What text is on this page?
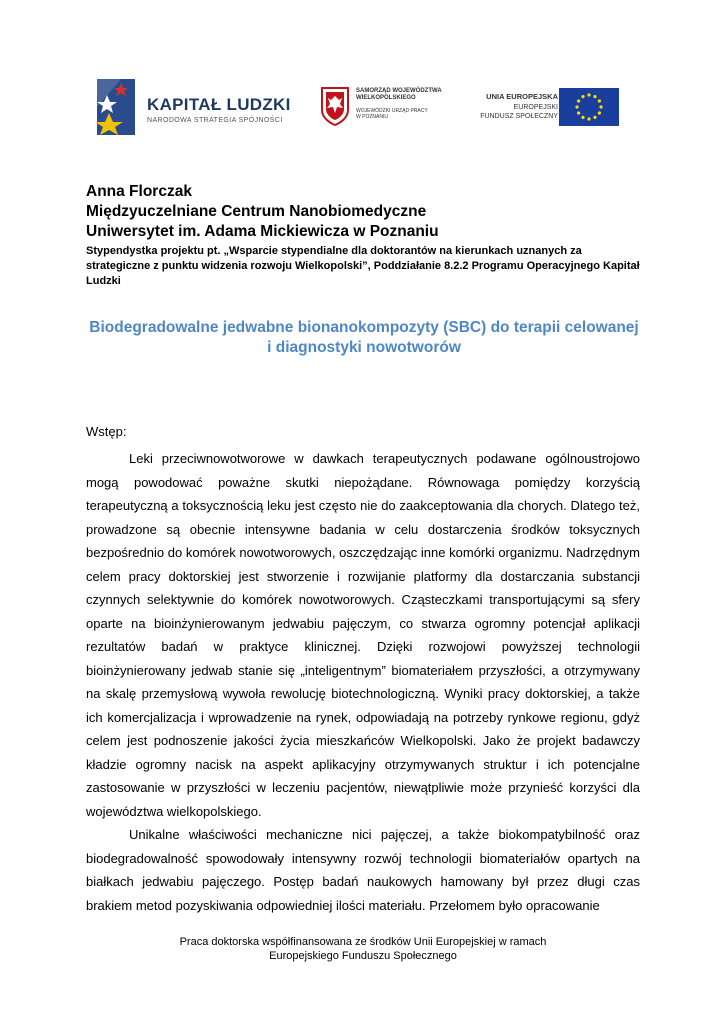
KAPITAŁ LUDZKI
NARODOWA STRATEGIA SPÓJNOŚCI
SAMORZĄD WOJEWÓDZTWA
WIELKOPOLSKIEGO
WOJEWÓDZKI URZĄD PRACY
W POZNANIU
UNIA EUROPEJSKA
EUROPEJSKI
FUNDUSZ SPOŁECZNY
Anna Florczak
Międzyuczelniane Centrum Nanobiomedyczne
Uniwersytet im. Adama Mickiewicza w Poznaniu
Stypendystka projektu pt. „Wsparcie stypendialne dla doktorantów na kierunkach uznanych za strategiczne z punktu widzenia rozwoju Wielkopolski”, Poddziałanie 8.2.2 Programu Operacyjnego Kapitał Ludzki
Biodegradowalne jedwabne bionanokompozyty (SBC) do terapii celowanej i diagnostyki nowotworów
Wstęp:

Leki przeciwnowotworowe w dawkach terapeutycznych podawane ogólnoustrojowo mogą powodować poważne skutki niepożądane. Równowaga pomiędzy korzyścią terapeutyczną a toksycznością leku jest często nie do zaakceptowania dla chorych. Dlatego też, prowadzone są obecnie intensywne badania w celu dostarczenia środków toksycznych bezpośrednio do komórek nowotworowych, oszczędzając inne komórki organizmu. Nadrzędnym celem pracy doktorskiej jest stworzenie i rozwijanie platformy dla dostarczania substancji czynnych selektywnie do komórek nowotworowych. Cząsteczkami transportującymi są sfery oparte na bioinżynierowanym jedwabiu pajęczym, co stwarza ogromny potencjał aplikacji rezultatów badań w praktyce klinicznej. Dzięki rozwojowi powyższej technologii bioinżynierowany jedwab stanie się „inteligentnym” biomateriałem przyszłości, a otrzymywany na skalę przemysłową wywoła rewolucję biotechnologiczną. Wyniki pracy doktorskiej, a także ich komercjalizacja i wprowadzenie na rynek, odpowiadają na potrzeby rynkowe regionu, gdyż celem jest podnoszenie jakości życia mieszkańców Wielkopolski. Jako że projekt badawczy kładzie ogromny nacisk na aspekt aplikacyjny otrzymywanych struktur i ich potencjalne zastosowanie w przyszłości w leczeniu pacjentów, niewątpliwie może przynieść korzyści dla województwa wielkopolskiego.

Unikalne właściwości mechaniczne nici pajęczej, a także biokompatybilność oraz biodegradowalność spowodowały intensywny rozwój technologii biomateriałów opartych na białkach jedwabiu pajęczego. Postęp badań naukowych hamowany był przez długi czas brakiem metod pozyskiwania odpowiedniej ilości materiału. Przełomem było opracowanie

Praca doktorska współfinansowana ze środków Unii Europejskiej w ramach
Europejskiego Funduszu Społecznego
